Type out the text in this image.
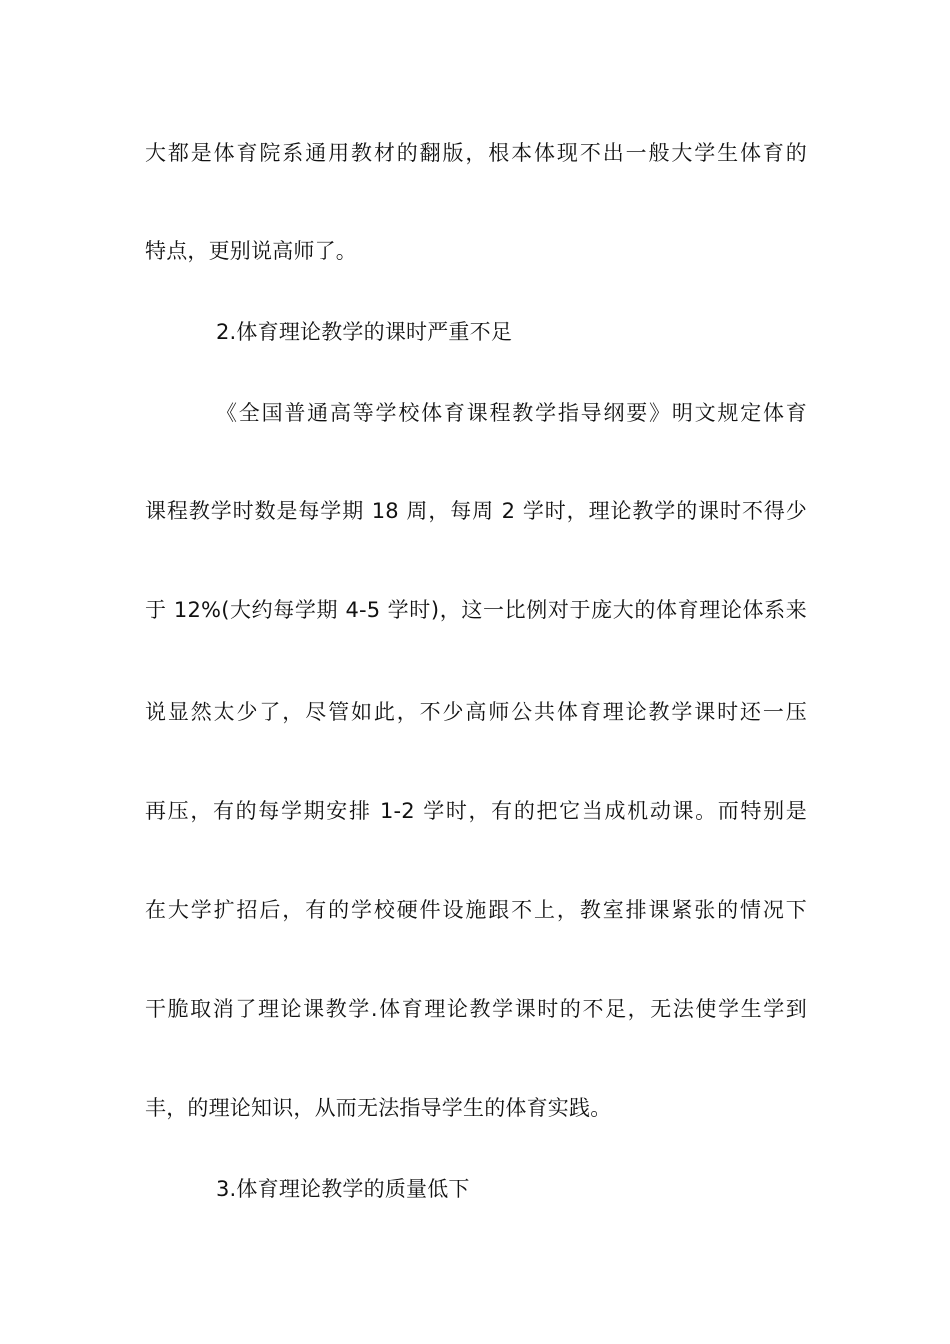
大都是体育院系通用教材的翻版，根本体现不出一般大学生体育的
特点，更别说高师了。
2.体育理论教学的课时严重不足
《全国普通高等学校体育课程教学指导纲要》明文规定体育
课程教学时数是每学期 18 周，每周 2 学时，理论教学的课时不得少
于 12%(大约每学期 4-5 学时)，这一比例对于庞大的体育理论体系来
说显然太少了，尽管如此，不少高师公共体育理论教学课时还一压
再压，有的每学期安排 1-2 学时，有的把它当成机动课。而特别是
在大学扩招后，有的学校硬件设施跟不上，教室排课紧张的情况下
干脆取消了理论课教学.体育理论教学课时的不足，无法使学生学到
丰，的理论知识，从而无法指导学生的体育实践。
3.体育理论教学的质量低下
